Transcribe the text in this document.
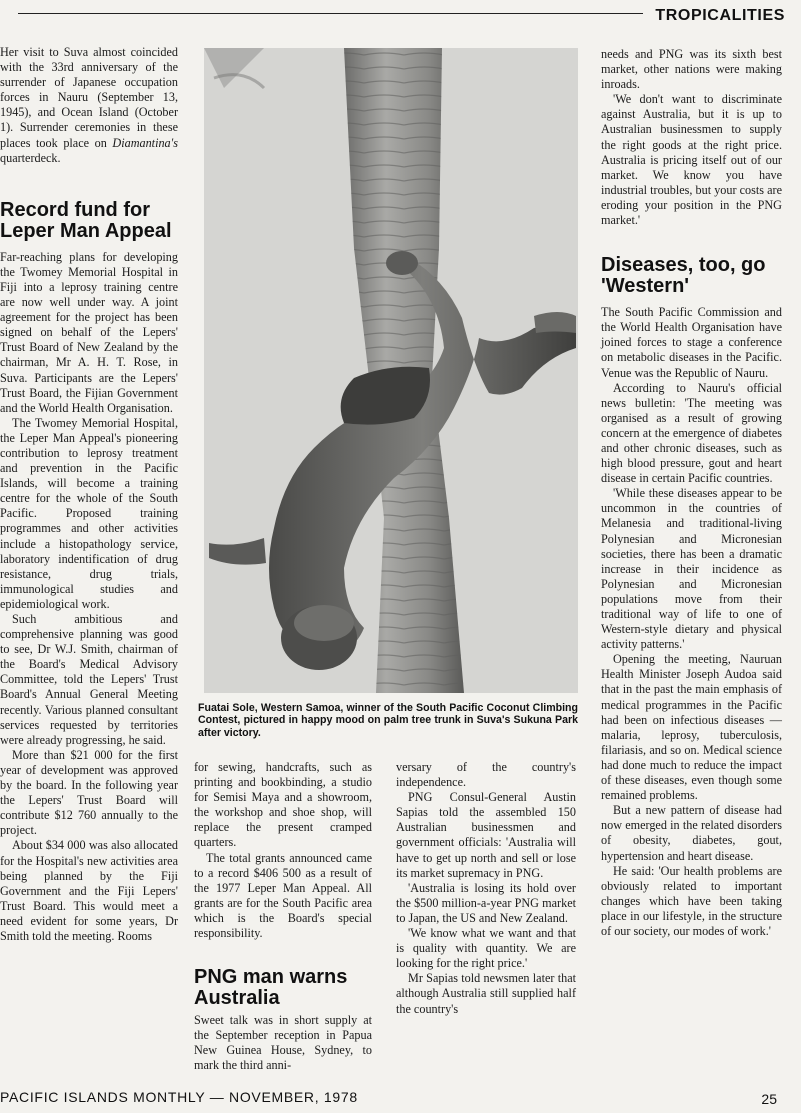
TROPICALITIES

Her visit to Suva almost coincided with the 33rd anniversary of the surrender of Japanese occupation forces in Nauru (September 13, 1945), and Ocean Island (October 1). Surrender ceremonies in these places took place on Diamantina's quarterdeck.

Record fund for Leper Man Appeal

Far-reaching plans for developing the Twomey Memorial Hospital in Fiji into a leprosy training centre are now well under way. A joint agreement for the project has been signed on behalf of the Lepers' Trust Board of New Zealand by the chairman, Mr A. H. T. Rose, in Suva. Participants are the Lepers' Trust Board, the Fijian Government and the World Health Organisation.

The Twomey Memorial Hospital, the Leper Man Appeal's pioneering contribution to leprosy treatment and prevention in the Pacific Islands, will become a training centre for the whole of the South Pacific. Proposed training programmes and other activities include a histopathology service, laboratory indentification of drug resistance, drug trials, immunological studies and epidemiological work.

Such ambitious and comprehensive planning was good to see, Dr W.J. Smith, chairman of the Board's Medical Advisory Committee, told the Lepers' Trust Board's Annual General Meeting recently. Various planned consultant services requested by territories were already progressing, he said.

More than $21 000 for the first year of development was approved by the board. In the following year the Lepers' Trust Board will contribute $12 760 annually to the project.

About $34 000 was also allocated for the Hospital's new activities area being planned by the Fiji Government and the Fiji Lepers' Trust Board. This would meet a need evident for some years, Dr Smith told the meeting. Rooms

Fuatai Sole, Western Samoa, winner of the South Pacific Coconut Climbing Contest, pictured in happy mood on palm tree trunk in Suva's Sukuna Park after victory.

for sewing, handcrafts, such as printing and bookbinding, a studio for Semisi Maya and a showroom, the workshop and shoe shop, will replace the present cramped quarters.

The total grants announced came to a record $406 500 as a result of the 1977 Leper Man Appeal. All grants are for the South Pacific area which is the Board's special responsibility.

PNG man warns Australia

Sweet talk was in short supply at the September reception in Papua New Guinea House, Sydney, to mark the third anni-

versary of the country's independence.

PNG Consul-General Austin Sapias told the assembled 150 Australian businessmen and government officials: 'Australia will have to get up north and sell or lose its market supremacy in PNG.

'Australia is losing its hold over the $500 million-a-year PNG market to Japan, the US and New Zealand.

'We know what we want and that is quality with quantity. We are looking for the right price.'

Mr Sapias told newsmen later that although Australia still supplied half the country's

needs and PNG was its sixth best market, other nations were making inroads.

'We don't want to discriminate against Australia, but it is up to Australian businessmen to supply the right goods at the right price. Australia is pricing itself out of our market. We know you have industrial troubles, but your costs are eroding your position in the PNG market.'

Diseases, too, go 'Western'

The South Pacific Commission and the World Health Organisation have joined forces to stage a conference on metabolic diseases in the Pacific. Venue was the Republic of Nauru.

According to Nauru's official news bulletin: 'The meeting was organised as a result of growing concern at the emergence of diabetes and other chronic diseases, such as high blood pressure, gout and heart disease in certain Pacific countries.

'While these diseases appear to be uncommon in the countries of Melanesia and traditional-living Polynesian and Micronesian societies, there has been a dramatic increase in their incidence as Polynesian and Micronesian populations move from their traditional way of life to one of Western-style dietary and physical activity patterns.'

Opening the meeting, Nauruan Health Minister Joseph Audoa said that in the past the main emphasis of medical programmes in the Pacific had been on infectious diseases — malaria, leprosy, tuberculosis, filariasis, and so on. Medical science had done much to reduce the impact of these diseases, even though some remained problems.

But a new pattern of disease had now emerged in the related disorders of obesity, diabetes, gout, hypertension and heart disease.

He said: 'Our health problems are obviously related to important changes which have been taking place in our lifestyle, in the structure of our society, our modes of work.'

PACIFIC ISLANDS MONTHLY — NOVEMBER, 1978	25
